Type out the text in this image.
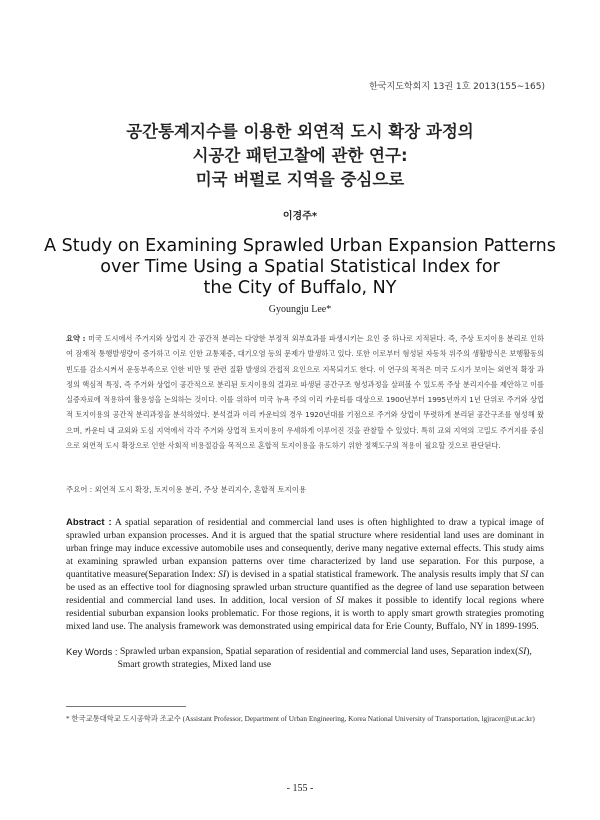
한국지도학회지 13권 1호 2013(155∼165)
공간통계지수를 이용한 외연적 도시 확장 과정의
시공간 패턴고찰에 관한 연구:
미국 버펄로 지역을 중심으로
이경주*
A Study on Examining Sprawled Urban Expansion Patterns
over Time Using a Spatial Statistical Index for
the City of Buffalo, NY
Gyoungju Lee*
요약 : 미국 도시에서 주거지와 상업지 간 공간적 분리는 다양한 부정적 외부효과를 파생시키는 요인 중 하나로 지적된다. 즉, 주상 토지이용 분리로 인하여 잠재적 통행발생량이 증가하고 이로 인한 교통체증, 대기오염 등의 문제가 발생하고 있다. 또한 이로부터 형성된 자동차 위주의 생활방식은 보행활동의 빈도를 감소시켜서 운동부족으로 인한 비만 및 관련 질환 발생의 간접적 요인으로 지목되기도 한다. 이 연구의 목적은 미국 도시가 보이는 외연적 확장 과정의 핵심적 특징, 즉 주거와 상업이 공간적으로 분리된 토지이용의 결과로 파생된 공간구조 형성과정을 살펴볼 수 있도록 주상 분리지수를 제안하고 이를 실증자료에 적용하여 활용성을 논의하는 것이다. 이를 위하여 미국 뉴욕 주의 이리 카운티를 대상으로 1900년부터 1995년까지 1년 단위로 주거와 상업적 토지이용의 공간적 분리과정을 분석하였다. 분석결과 이리 카운티의 경우 1920년대를 기점으로 주거와 상업이 뚜렷하게 분리된 공간구조를 형성해 왔으며, 카운티 내 교외와 도심 지역에서 각각 주거와 상업적 토지이용이 우세하게 이루어진 것을 관찰할 수 있었다. 특히 교외 지역의 고밀도 주거지를 중심으로 외연적 도시 확장으로 인한 사회적 비용절감을 목적으로 혼합적 토지이용을 유도하기 위한 정책도구의 적용이 필요할 것으로 판단된다.
주요어 : 외연적 도시 확장, 토지이용 분리, 주상 분리지수, 혼합적 토지이용
Abstract : A spatial separation of residential and commercial land uses is often highlighted to draw a typical image of sprawled urban expansion processes. And it is argued that the spatial structure where residential land uses are dominant in urban fringe may induce excessive automobile uses and consequently, derive many negative external effects. This study aims at examining sprawled urban expansion patterns over time characterized by land use separation. For this purpose, a quantitative measure(Separation Index: SI) is devised in a spatial statistical framework. The analysis results imply that SI can be used as an effective tool for diagnosing sprawled urban structure quantified as the degree of land use separation between residential and commercial land uses. In addition, local version of SI makes it possible to identify local regions where residential suburban expansion looks problematic. For those regions, it is worth to apply smart growth strategies promoting mixed land use. The analysis framework was demonstrated using empirical data for Erie County, Buffalo, NY in 1899-1995.
Key Words : Sprawled urban expansion, Spatial separation of residential and commercial land uses, Separation index(SI), Smart growth strategies, Mixed land use
* 한국교통대학교 도시공학과 조교수 (Assistant Professor, Department of Urban Engineering, Korea National University of Transportation, lgjracer@ut.ac.kr)
- 155 -
